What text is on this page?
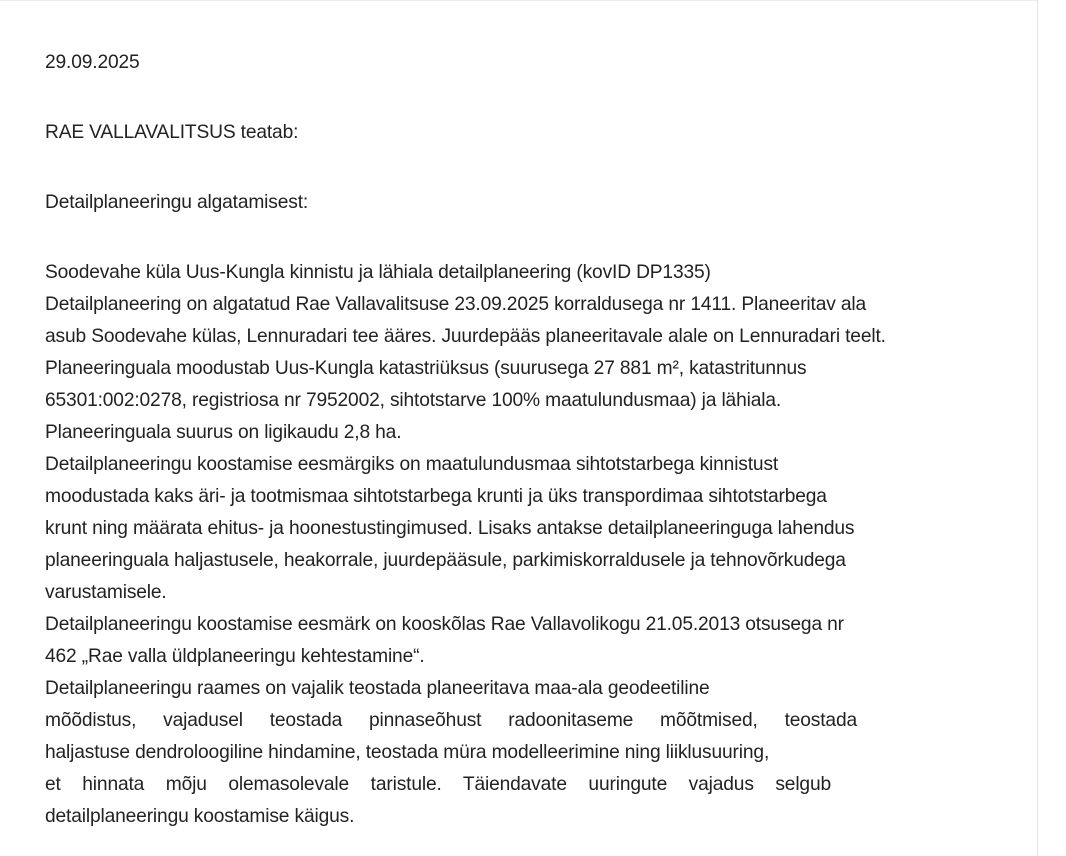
29.09.2025
RAE VALLAVALITSUS teatab:
Detailplaneeringu algatamisest:
Soodevahe küla Uus-Kungla kinnistu ja lähiala detailplaneering (kovID DP1335)
Detailplaneering on algatatud Rae Vallavalitsuse 23.09.2025 korraldusega nr 1411. Planeeritav ala
asub Soodevahe külas, Lennuradari tee ääres. Juurdepääs planeeritavale alale on Lennuradari teelt.
Planeeringuala moodustab Uus-Kungla katastriüksus (suurusega 27 881 m², katastritunnus
65301:002:0278, registriosa nr 7952002, sihtotstarve 100% maatulundusmaa) ja lähiala.
Planeeringuala suurus on ligikaudu 2,8 ha.
Detailplaneeringu koostamise eesmärgiks on maatulundusmaa sihtotstarbega kinnistust
moodustada kaks äri- ja tootmismaa sihtotstarbega krunti ja üks transpordimaa sihtotstarbega
krunt ning määrata ehitus- ja hoonestustingimused. Lisaks antakse detailplaneeringuga lahendus
planeeringuala haljastusele, heakorrale, juurdepääsule, parkimiskorraldusele ja tehnovõrkudega
varustamisele.
Detailplaneeringu koostamise eesmärk on kooskõlas Rae Vallavolikogu 21.05.2013 otsusega nr
462 „Rae valla üldplaneeringu kehtestamine“.
Detailplaneeringu raames on vajalik teostada planeeritava maa-ala geodeetiline
mõõdistus, vajadusel teostada pinnaseõhust radoonitaseme mõõtmised, teostada
haljastuse dendroloogiline hindamine, teostada müra modelleerimine ning liiklusuuring,
et hinnata mõju olemasolevale taristule. Täiendavate uuringute vajadus selgub
detailplaneeringu koostamise käigus.
